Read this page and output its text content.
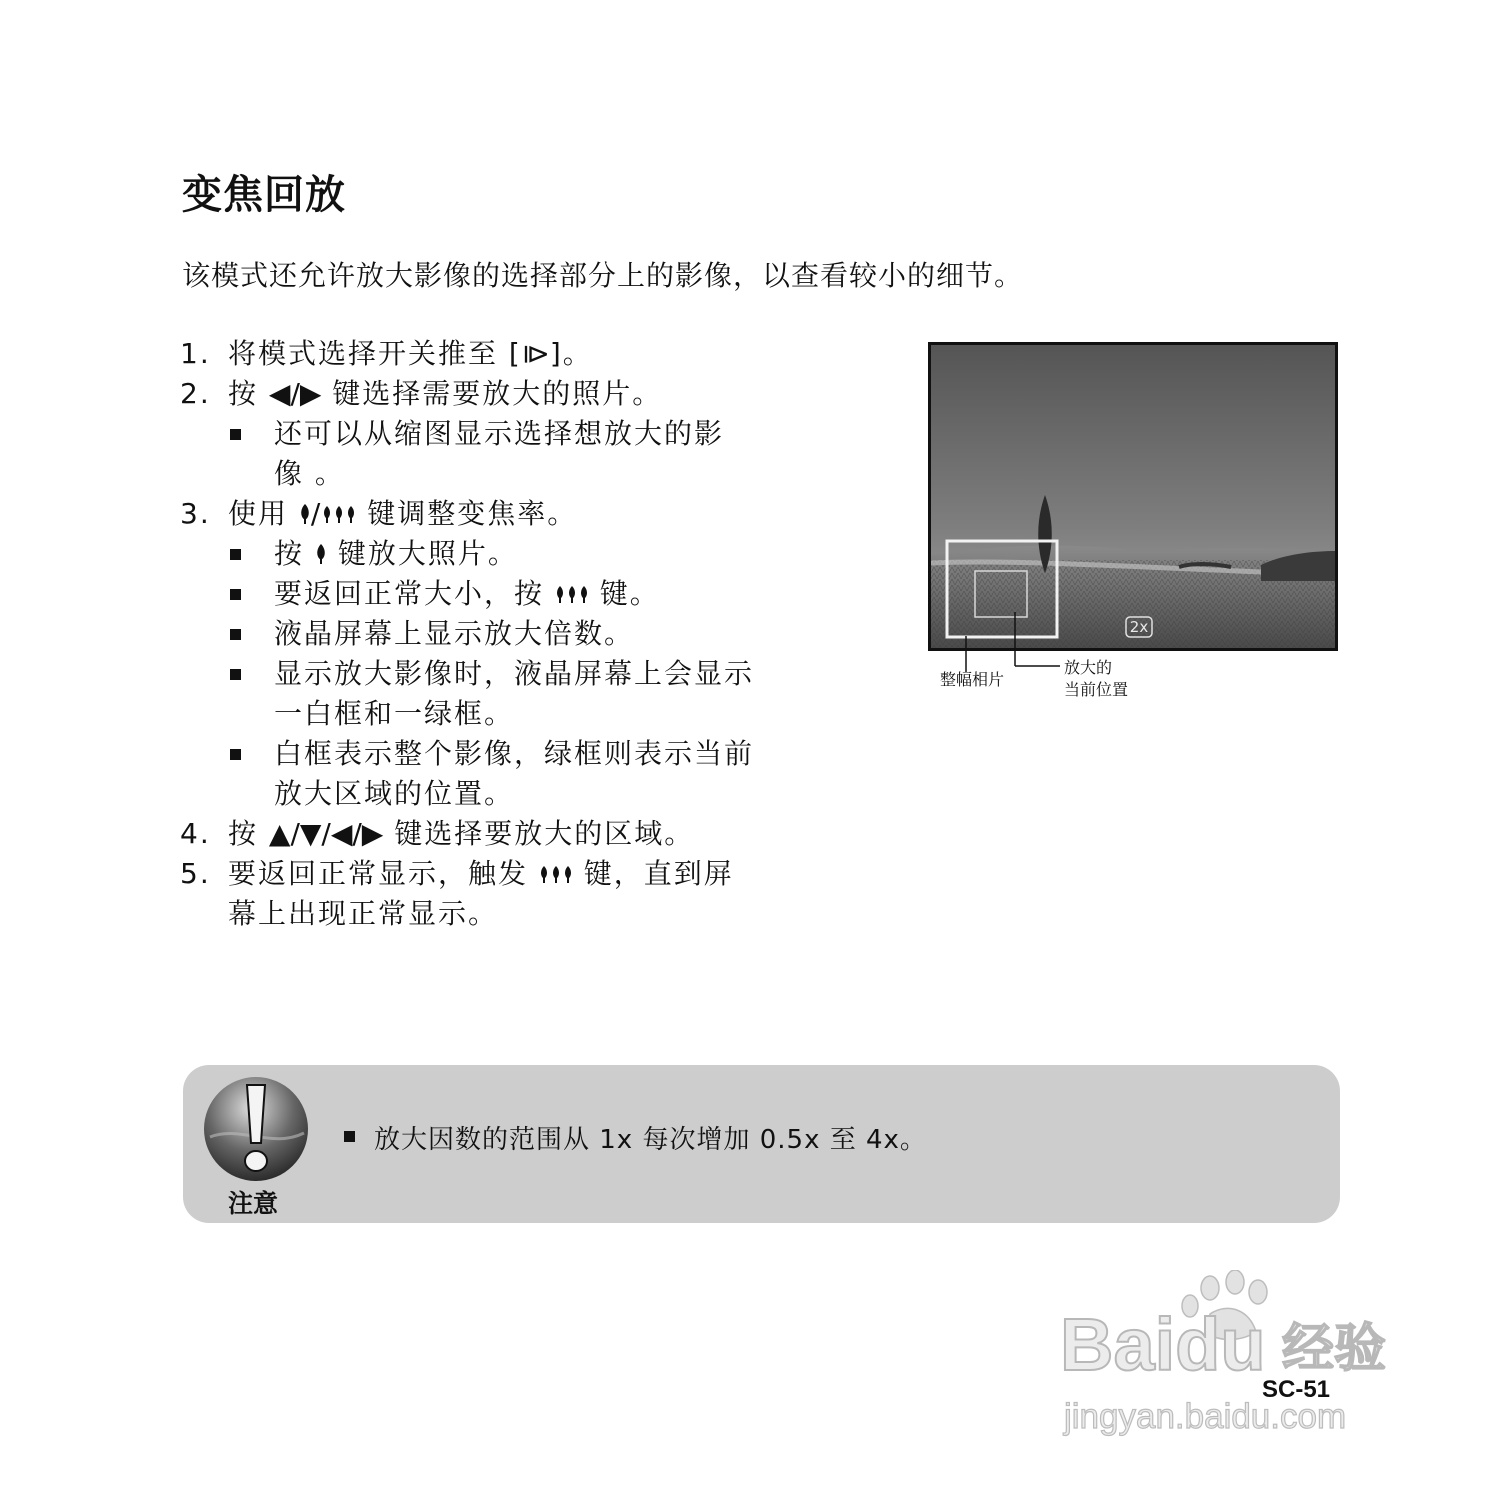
变焦回放
该模式还允许放大影像的选择部分上的影像，以查看较小的细节。
1. 将模式选择开关推至 [⧐]。
2. 按 ◀/▶ 键选择需要放大的照片。
还可以从缩图显示选择想放大的影
像 。
3. 使用 / 键调整变焦率。
按  键放大照片。
要返回正常大小，按  键。
液晶屏幕上显示放大倍数。
显示放大影像时，液晶屏幕上会显示
一白框和一绿框。
白框表示整个影像，绿框则表示当前
放大区域的位置。
4. 按 ▲/▼/◀/▶ 键选择要放大的区域。
5. 要返回正常显示，触发  键，直到屏
幕上出现正常显示。
2x
整幅相片
放大的
当前位置
注意
放大因数的范围从 1x 每次增加 0.5x 至 4x。
Baidu 经验
jingyan.baidu.com
SC-51
